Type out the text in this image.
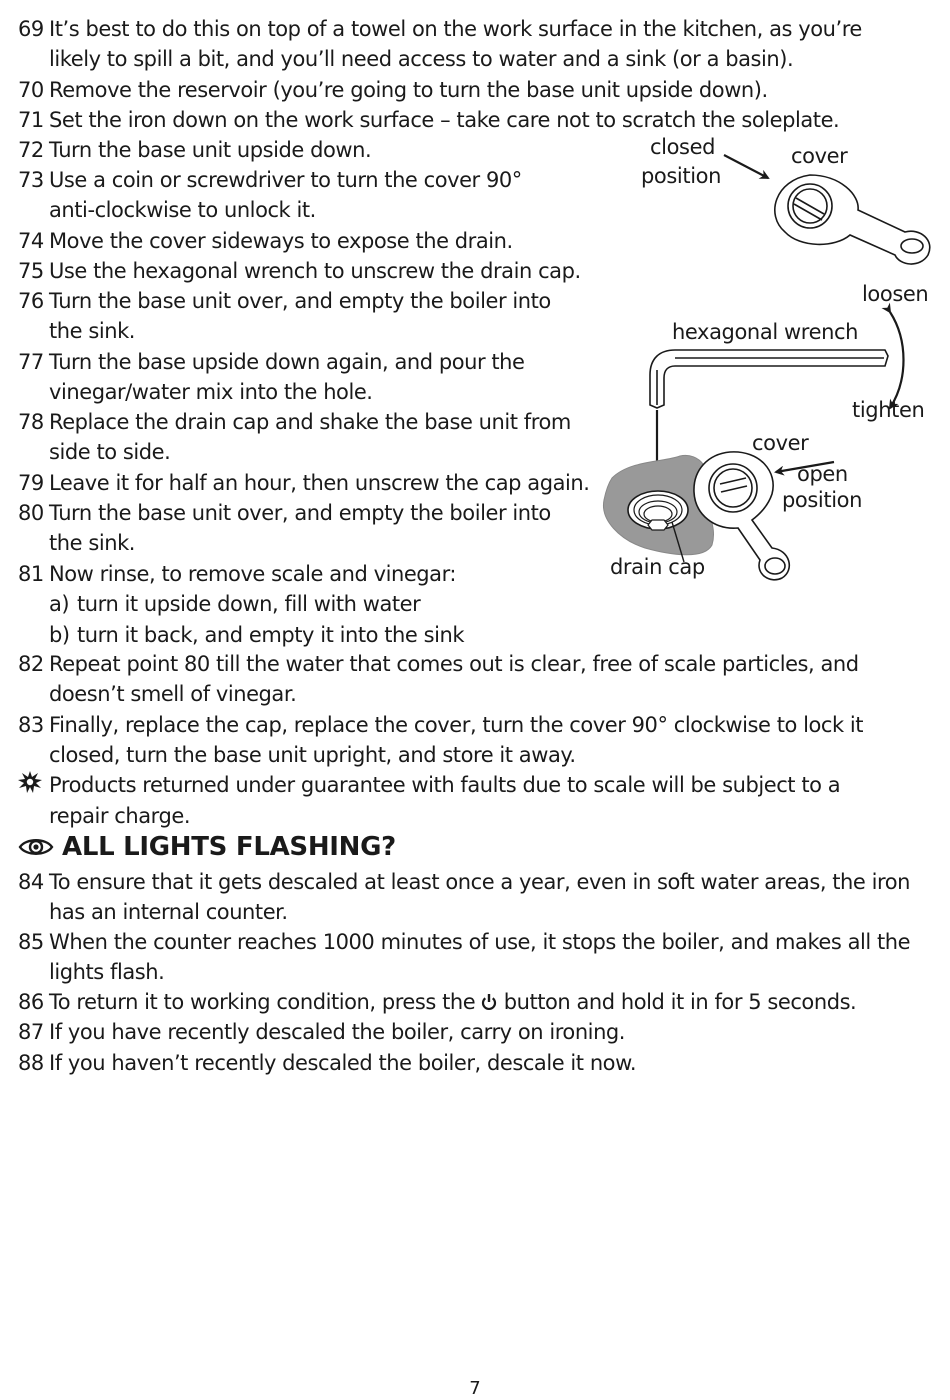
69 It’s best to do this on top of a towel on the work surface in the kitchen, as you’re
likely to spill a bit, and you’ll need access to water and a sink (or a basin).
70 Remove the reservoir (you’re going to turn the base unit upside down).
71 Set the iron down on the work surface – take care not to scratch the soleplate.
72 Turn the base unit upside down.
73 Use a coin or screwdriver to turn the cover 90°
anti-clockwise to unlock it.
74 Move the cover sideways to expose the drain.
75 Use the hexagonal wrench to unscrew the drain cap.
76 Turn the base unit over, and empty the boiler into
the sink.
77 Turn the base upside down again, and pour the
vinegar/water mix into the hole.
78 Replace the drain cap and shake the base unit from
side to side.
79 Leave it for half an hour, then unscrew the cap again.
80 Turn the base unit over, and empty the boiler into
the sink.
81 Now rinse, to remove scale and vinegar:
a) turn it upside down, fill with water
b) turn it back, and empty it into the sink
82 Repeat point 80 till the water that comes out is clear, free of scale particles, and
doesn’t smell of vinegar.
83 Finally, replace the cap, replace the cover, turn the cover 90° clockwise to lock it
closed, turn the base unit upright, and store it away.
Products returned under guarantee with faults due to scale will be subject to a
repair charge.
ALL LIGHTS FLASHING?
84 To ensure that it gets descaled at least once a year, even in soft water areas, the iron
has an internal counter.
85 When the counter reaches 1000 minutes of use, it stops the boiler, and makes all the
lights flash.
86 To return it to working condition, press the button and hold it in for 5 seconds.
87 If you have recently descaled the boiler, carry on ironing.
88 If you haven’t recently descaled the boiler, descale it now.
closed
position
cover
loosen
hexagonal wrench
tighten
cover
open
position
drain cap
7
